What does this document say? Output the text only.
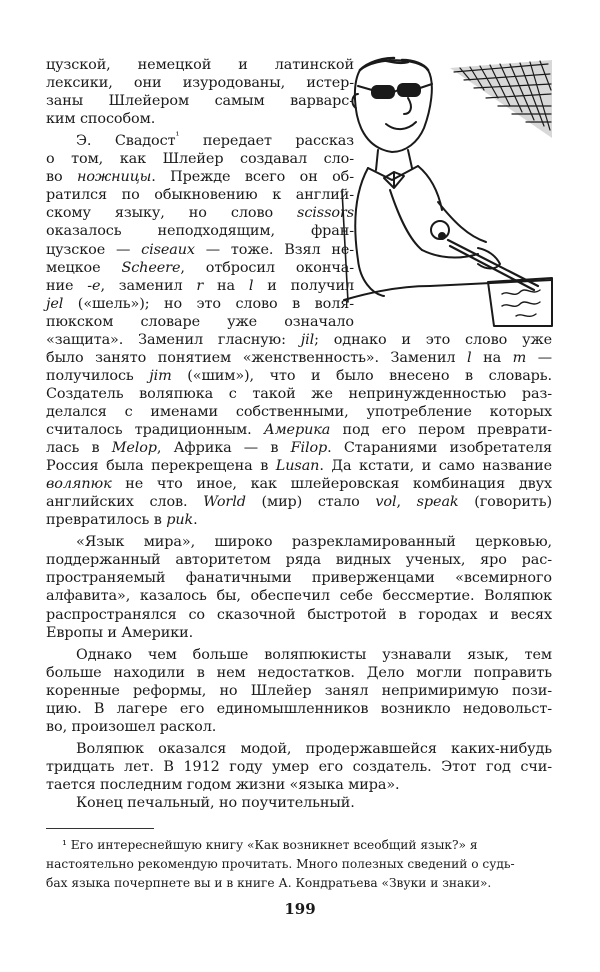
цузской, немецкой и латинской
лексики, они изуродованы, истер-
заны Шлейером самым варварс-
ким способом.
Э. Свадост$^{^1}$ передает рассказ
о том, как Шлейер создавал сло-
во ножницы. Прежде всего он об-
ратился по обыкновению к англий-
скому языку, но слово scissors
оказалось неподходящим, фран-
цузское — ciseaux — тоже. Взял не-
мецкое Scheere, отбросил оконча-
ние -e, заменил r на l и получил
jel («шель»); но это слово в воля-
пюкском словаре уже означало
«защита». Заменил гласную: jil; однако и это слово уже
было занято понятием «женственность». Заменил l на m —
получилось jim («шим»), что и было внесено в словарь.
Создатель воляпюка с такой же непринужденностью раз-
делался с именами собственными, употребление которых
считалось традиционным. Америка под его пером преврати-
лась в Melop, Африка — в Filop. Стараниями изобретателя
Россия была перекрещена в Lusan. Да кстати, и само название
воляпюк не что иное, как шлейеровская комбинация двух
английских слов. World (мир) стало vol, speak (говорить)
превратилось в puk.
«Язык мира», широко разрекламированный церковью,
поддержанный авторитетом ряда видных ученых, яро рас-
пространяемый фанатичными приверженцами «всемирного
алфавита», казалось бы, обеспечил себе бессмертие. Воляпюк
распространялся со сказочной быстротой в городах и весях
Европы и Америки.
Однако чем больше воляпюкисты узнавали язык, тем
больше находили в нем недостатков. Дело могли поправить
коренные реформы, но Шлейер занял непримиримую пози-
цию. В лагере его единомышленников возникло недовольст-
во, произошел раскол.
Воляпюк оказался модой, продержавшейся каких-нибудь
тридцать лет. В 1912 году умер его создатель. Этот год счи-
тается последним годом жизни «языка мира».
Конец печальный, но поучительный.
¹ Его интереснейшую книгу «Как возникнет всеобщий язык?» я
настоятельно рекомендую прочитать. Много полезных сведений о судь-
бах языка почерпнете вы и в книге А. Кондратьева «Звуки и знаки».
199
